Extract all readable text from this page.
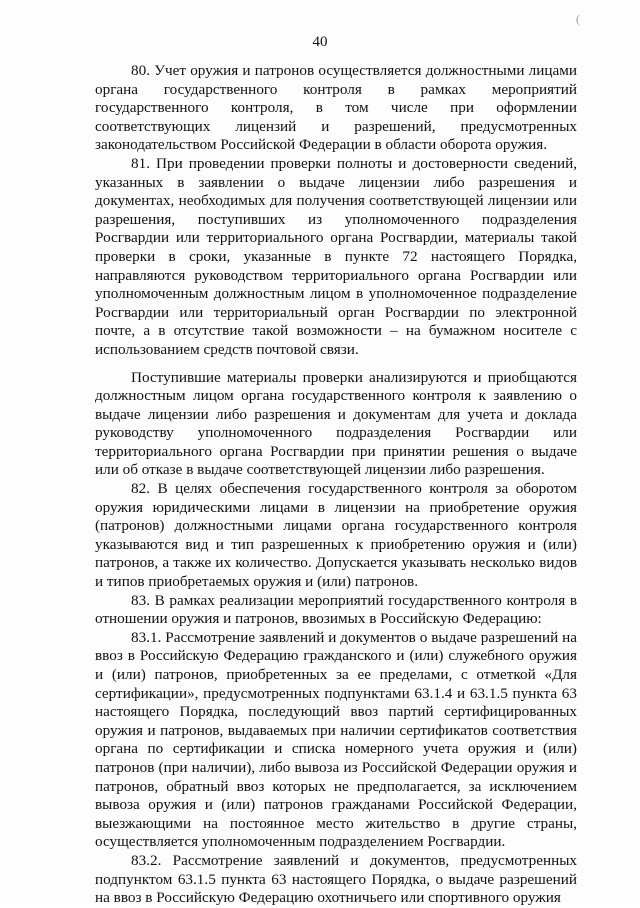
(
40

80. Учет оружия и патронов осуществляется должностными лицами органа государственного контроля в рамках мероприятий государственного контроля, в том числе при оформлении соответствующих лицензий и разрешений, предусмотренных законодательством Российской Федерации в области оборота оружия.

81. При проведении проверки полноты и достоверности сведений, указанных в заявлении о выдаче лицензии либо разрешения и документах, необходимых для получения соответствующей лицензии или разрешения, поступивших из уполномоченного подразделения Росгвардии или территориального органа Росгвардии, материалы такой проверки в сроки, указанные в пункте 72 настоящего Порядка, направляются руководством территориального органа Росгвардии или уполномоченным должностным лицом в уполномоченное подразделение Росгвардии или территориальный орган Росгвардии по электронной почте, а в отсутствие такой возможности – на бумажном носителе с использованием средств почтовой связи.

Поступившие материалы проверки анализируются и приобщаются должностным лицом органа государственного контроля к заявлению о выдаче лицензии либо разрешения и документам для учета и доклада руководству уполномоченного подразделения Росгвардии или территориального органа Росгвардии при принятии решения о выдаче или об отказе в выдаче соответствующей лицензии либо разрешения.

82. В целях обеспечения государственного контроля за оборотом оружия юридическими лицами в лицензии на приобретение оружия (патронов) должностными лицами органа государственного контроля указываются вид и тип разрешенных к приобретению оружия и (или) патронов, а также их количество. Допускается указывать несколько видов и типов приобретаемых оружия и (или) патронов.

83. В рамках реализации мероприятий государственного контроля в отношении оружия и патронов, ввозимых в Российскую Федерацию:

83.1. Рассмотрение заявлений и документов о выдаче разрешений на ввоз в Российскую Федерацию гражданского и (или) служебного оружия и (или) патронов, приобретенных за ее пределами, с отметкой «Для сертификации», предусмотренных подпунктами 63.1.4 и 63.1.5 пункта 63 настоящего Порядка, последующий ввоз партий сертифицированных оружия и патронов, выдаваемых при наличии сертификатов соответствия органа по сертификации и списка номерного учета оружия и (или) патронов (при наличии), либо вывоза из Российской Федерации оружия и патронов, обратный ввоз которых не предполагается, за исключением вывоза оружия и (или) патронов гражданами Российской Федерации, выезжающими на постоянное место жительство в другие страны, осуществляется уполномоченным подразделением Росгвардии.

83.2. Рассмотрение заявлений и документов, предусмотренных подпунктом 63.1.5 пункта 63 настоящего Порядка, о выдаче разрешений на ввоз в Российскую Федерацию охотничьего или спортивного оружия
